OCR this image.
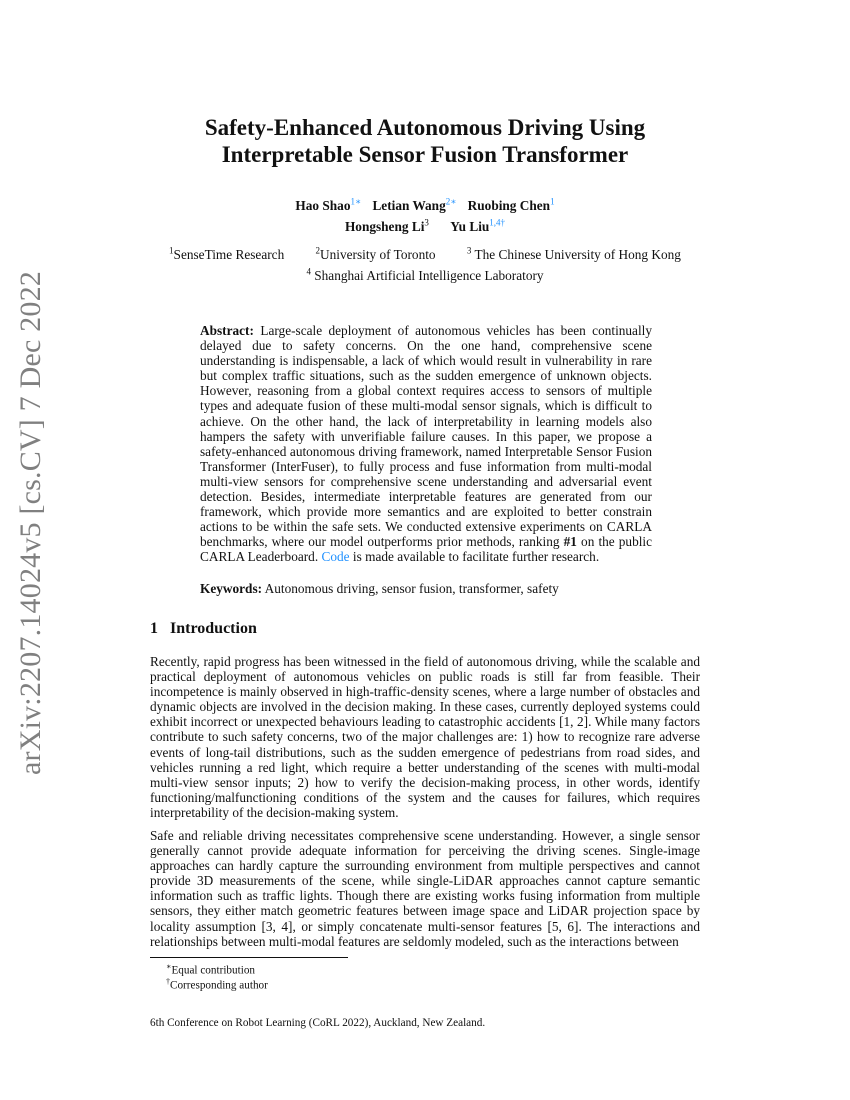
arXiv:2207.14024v5 [cs.CV] 7 Dec 2022
Safety-Enhanced Autonomous Driving Using
Interpretable Sensor Fusion Transformer
Hao Shao$^{1∗}$ Letian Wang$^{2∗}$ Ruobing Chen$^1$
Hongsheng Li$^3$ Yu Liu$^{1,4\dagger}$
$^1$SenseTime Research	$^2$University of Toronto	$^3$ The Chinese University of Hong Kong
$^4$ Shanghai Artificial Intelligence Laboratory
Abstract: Large-scale deployment of autonomous vehicles has been continually delayed due to safety concerns. On the one hand, comprehensive scene understanding is indispensable, a lack of which would result in vulnerability in rare but complex traffic situations, such as the sudden emergence of unknown objects. However, reasoning from a global context requires access to sensors of multiple types and adequate fusion of these multi-modal sensor signals, which is difficult to achieve. On the other hand, the lack of interpretability in learning models also hampers the safety with unverifiable failure causes. In this paper, we propose a safety-enhanced autonomous driving framework, named Interpretable Sensor Fusion Transformer (InterFuser), to fully process and fuse information from multi-modal multi-view sensors for comprehensive scene understanding and adversarial event detection. Besides, intermediate interpretable features are generated from our framework, which provide more semantics and are exploited to better constrain actions to be within the safe sets. We conducted extensive experiments on CARLA benchmarks, where our model outperforms prior methods, ranking #1 on the public CARLA Leaderboard. Code is made available to facilitate further research.
Keywords: Autonomous driving, sensor fusion, transformer, safety
1 Introduction
Recently, rapid progress has been witnessed in the field of autonomous driving, while the scalable and practical deployment of autonomous vehicles on public roads is still far from feasible. Their incompetence is mainly observed in high-traffic-density scenes, where a large number of obstacles and dynamic objects are involved in the decision making. In these cases, currently deployed systems could exhibit incorrect or unexpected behaviours leading to catastrophic accidents [1, 2]. While many factors contribute to such safety concerns, two of the major challenges are: 1) how to recognize rare adverse events of long-tail distributions, such as the sudden emergence of pedestrians from road sides, and vehicles running a red light, which require a better understanding of the scenes with multi-modal multi-view sensor inputs; 2) how to verify the decision-making process, in other words, identify functioning/malfunctioning conditions of the system and the causes for failures, which requires interpretability of the decision-making system.
Safe and reliable driving necessitates comprehensive scene understanding. However, a single sensor generally cannot provide adequate information for perceiving the driving scenes. Single-image approaches can hardly capture the surrounding environment from multiple perspectives and cannot provide 3D measurements of the scene, while single-LiDAR approaches cannot capture semantic information such as traffic lights. Though there are existing works fusing information from multiple sensors, they either match geometric features between image space and LiDAR projection space by locality assumption [3, 4], or simply concatenate multi-sensor features [5, 6]. The interactions and relationships between multi-modal features are seldomly modeled, such as the interactions between
∗Equal contribution
†Corresponding author
6th Conference on Robot Learning (CoRL 2022), Auckland, New Zealand.
